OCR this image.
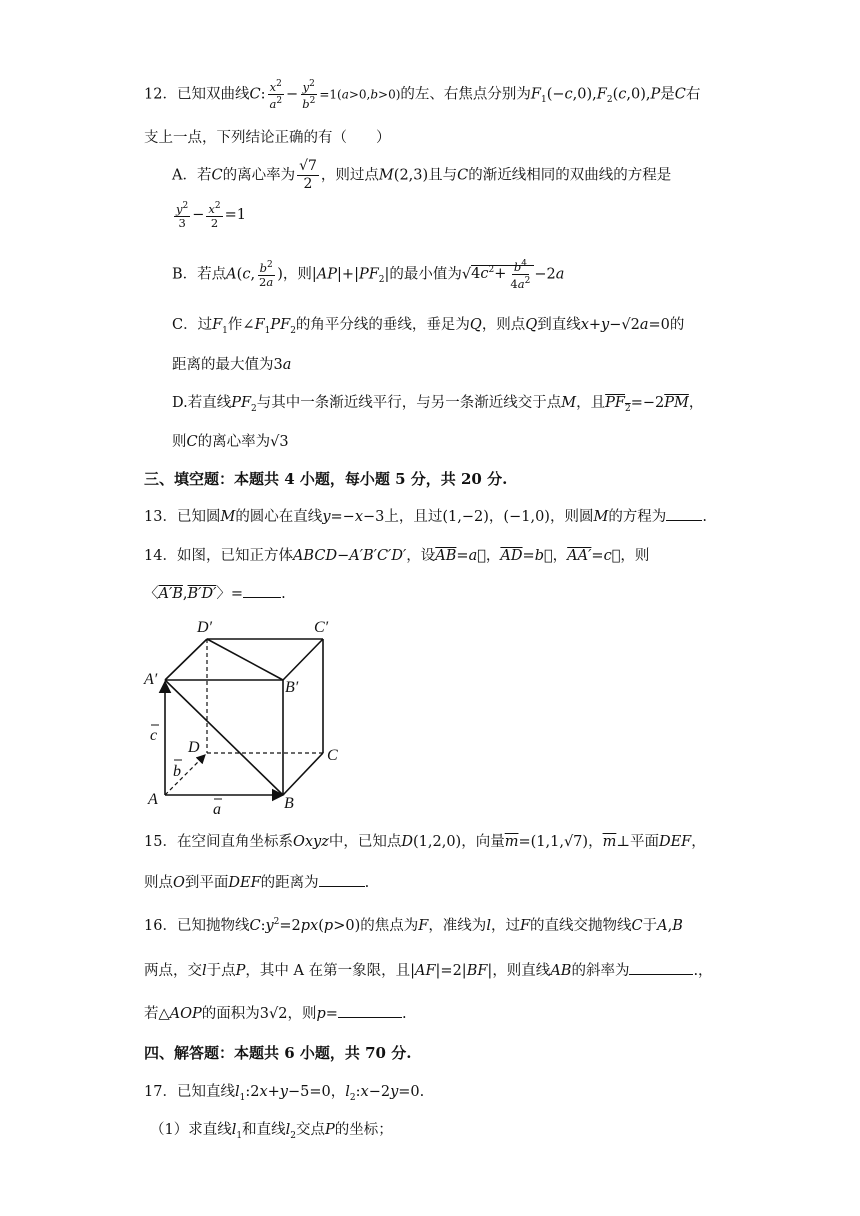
12．已知双曲线C: $\frac{x^2}{a^2} - \frac{y^2}{b^2} =1(a>0,b>0)$的左、右焦点分别为$F_1(-c,0),F_2(c,0),P$是C右
支上一点，下列结论正确的有（　　）
A．若C的离心率为 $\frac{√7}{2}$ ，则过点M(2,3)且与C的渐近线相同的双曲线的方程是
$\frac{y^2}{3} - \frac{x^2}{2} =1$
B．若点A(c, $\frac{b^2}{2a}$ )，则$|AP|+|PF_2|$的最小值为$√4c^2+ \frac{b^4}{4a^2} -2a$
C．过$F_1$作$\angle F_1PF_2$的角平分线的垂线，垂足为Q，则点Q到直线x+y−√2a=0的
距离的最大值为3a
D.若直线$PF_2$与其中一条渐近线平行，与另一条渐近线交于点M，且$PF_2=-2\overline{PM}$，
则C的离心率为√3
三、填空题：本题共 4 小题，每小题 5 分，共 20 分.
13．已知圆M的圆心在直线y=−x−3上，且过(1,−2)，(−1,0)，则圆M的方程为 .
14．如图，已知正方体ABCD−A′B′C′D′，设$\overline{AB}=a⃗$，$\overline{AD}=b⃗$，AA′=c⃗，则
〈A′B,B′D′〉=	.
D′	C′
A′	B′
D	C
A	B
c
b
a
15．在空间直角坐标系Oxyz中，已知点D(1,2,0)，向量$\overline{m}=(1,1,√7)$，$\overline{m}\perp$平面DEF，
则点O到平面DEF的距离为	.
16．已知抛物线$C:y^2=2px(p>0)$的焦点为F，准线为l，过F的直线交抛物线C于A,B
两点，交l于点P，其中 A 在第一象限，且|AF|=2|BF|，则直线AB的斜率为	.，
若△AOP的面积为3√2，则p=	.
四、解答题：本题共 6 小题，共 70 分.
17．已知直线$l_1:2x+y-5=0$，$l_2:x-2y=0$.
（1）求直线$l_1$和直线$l_2$交点P的坐标；
